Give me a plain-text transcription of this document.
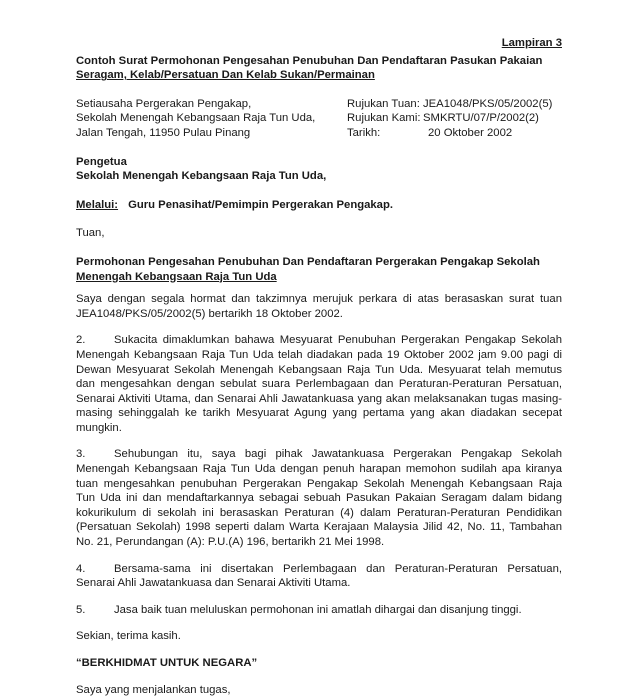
Lampiran 3
Contoh Surat Permohonan Pengesahan Penubuhan Dan Pendaftaran Pasukan Pakaian
Seragam, Kelab/Persatuan Dan Kelab Sukan/Permainan
Setiausaha Pergerakan Pengakap,
Sekolah Menengah Kebangsaan Raja Tun Uda,
Jalan Tengah, 11950 Pulau Pinang
Rujukan Tuan: JEA1048/PKS/05/2002(5)
Rujukan Kami: SMKRTU/07/P/2002(2)
Tarikh:	20 Oktober 2002
Pengetua
Sekolah Menengah Kebangsaan Raja Tun Uda,
Melalui: Guru Penasihat/Pemimpin Pergerakan Pengakap.
Tuan,
Permohonan Pengesahan Penubuhan Dan Pendaftaran Pergerakan Pengakap Sekolah
Menengah Kebangsaan Raja Tun Uda
Saya dengan segala hormat dan takzimnya merujuk perkara di atas berasaskan surat tuan JEA1048/PKS/05/2002(5) bertarikh 18 Oktober 2002.
2.	Sukacita dimaklumkan bahawa Mesyuarat Penubuhan Pergerakan Pengakap Sekolah Menengah Kebangsaan Raja Tun Uda telah diadakan pada 19 Oktober 2002 jam 9.00 pagi di Dewan Mesyuarat Sekolah Menengah Kebangsaan Raja Tun Uda. Mesyuarat telah memutus dan mengesahkan dengan sebulat suara Perlembagaan dan Peraturan-Peraturan Persatuan, Senarai Aktiviti Utama, dan Senarai Ahli Jawatankuasa yang akan melaksanakan tugas masing-masing sehinggalah ke tarikh Mesyuarat Agung yang pertama yang akan diadakan secepat mungkin.
3.	Sehubungan itu, saya bagi pihak Jawatankuasa Pergerakan Pengakap Sekolah Menengah Kebangsaan Raja Tun Uda dengan penuh harapan memohon sudilah apa kiranya tuan mengesahkan penubuhan Pergerakan Pengakap Sekolah Menengah Kebangsaan Raja Tun Uda ini dan mendaftarkannya sebagai sebuah Pasukan Pakaian Seragam dalam bidang kokurikulum di sekolah ini berasaskan Peraturan (4) dalam Peraturan-Peraturan Pendidikan (Persatuan Sekolah) 1998 seperti dalam Warta Kerajaan Malaysia Jilid 42, No. 11, Tambahan No. 21, Perundangan (A): P.U.(A) 196, bertarikh 21 Mei 1998.
4.	Bersama-sama ini disertakan Perlembagaan dan Peraturan-Peraturan Persatuan, Senarai Ahli Jawatankuasa dan Senarai Aktiviti Utama.
5.	Jasa baik tuan meluluskan permohonan ini amatlah dihargai dan disanjung tinggi.
Sekian, terima kasih.
“BERKHIDMAT UNTUK NEGARA”
Saya yang menjalankan tugas,
